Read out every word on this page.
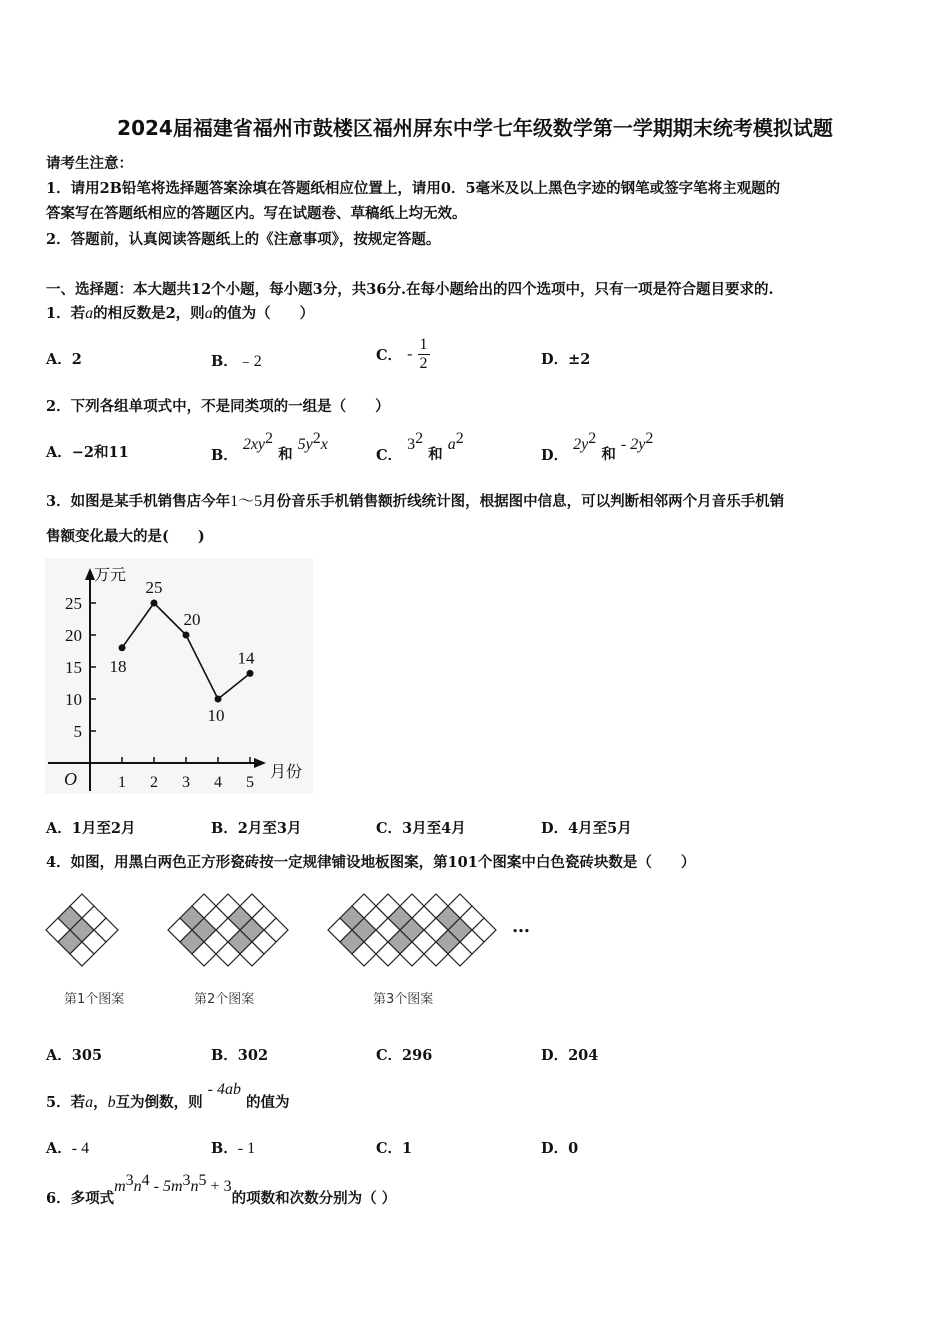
2024届福建省福州市鼓楼区福州屏东中学七年级数学第一学期期末统考模拟试题
请考生注意：
1．请用2B铅笔将选择题答案涂填在答题纸相应位置上，请用0．5毫米及以上黑色字迹的钢笔或签字笔将主观题的
答案写在答题纸相应的答题区内。写在试题卷、草稿纸上均无效。
2．答题前，认真阅读答题纸上的《注意事项》，按规定答题。
一、选择题：本大题共12个小题，每小题3分，共36分.在每小题给出的四个选项中，只有一项是符合题目要求的.
1．若a的相反数是2，则a的值为（　　）
A．2	B．﹣2	C． - $\frac{1}{2}$	D．±2
2．下列各组单项式中，不是同类项的一组是（　　）
A．−2和11	B． $2xy^2$ 和 $5y^2x$
C． $3^2$ 和 $a^2$
D． $2y^2$ 和 - $2y^2$
3．如图是某手机销售店今年1～5月份音乐手机销售额折线统计图，根据图中信息，可以判断相邻两个月音乐手机销
售额变化最大的是(　　)
万元
月份
O
5
10
15
20
25
1 2 3 4 5
18
25
20
10
14
A．1月至2月	B．2月至3月	C．3月至4月	D．4月至5月
4．如图，用黑白两色正方形瓷砖按一定规律铺设地板图案，第101个图案中白色瓷砖块数是（　　）
…
第1个图案	第2个图案	第3个图案
A．305	B．302	C．296	D．204
5．若a，b互为倒数，则 - 4ab 的值为
A．- 4	B．- 1	C．1	D．0
6．多项式$m^3n^4 - 5m^3n^5 + 3$的项数和次数分别为（ ）
